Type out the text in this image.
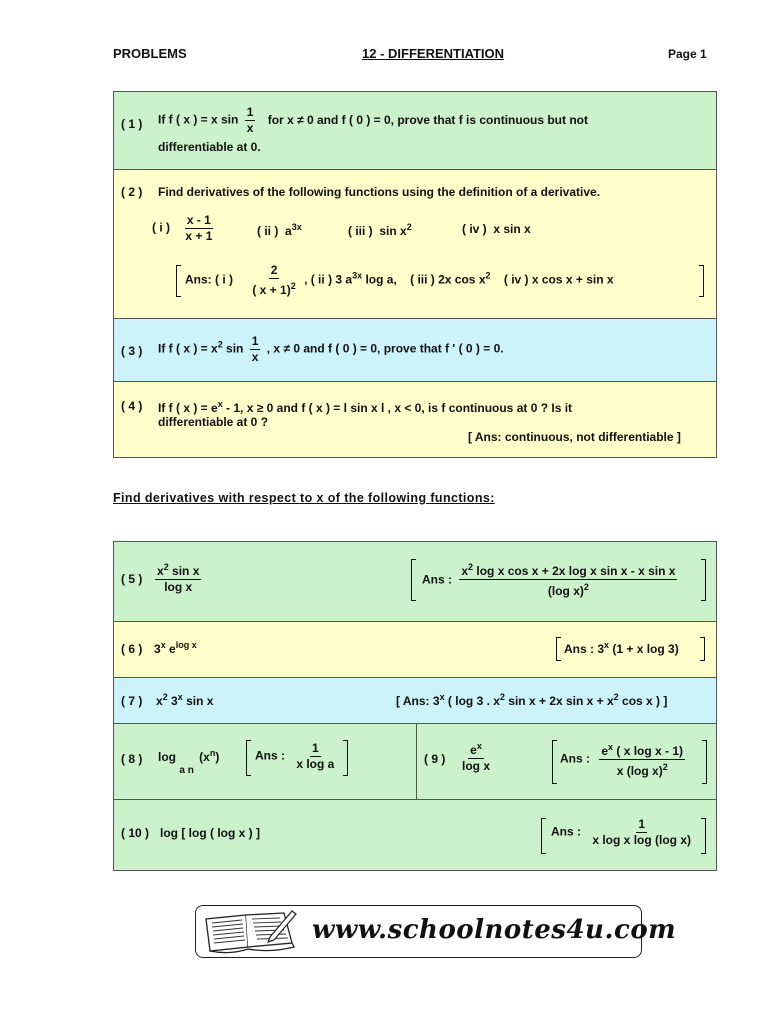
PROBLEMS	12 - DIFFERENTIATION	Page 1
( 1 ) If f ( x ) = x $\sin \frac{1}{x}$ for x ≠ 0 and f ( 0 ) = 0, prove that f is continuous but not
differentiable at 0.
( 2 ) Find derivatives of the following functions using the definition of a derivative.
( i ) $\frac{x - 1}{x + 1}$	( ii ) $a^{3x}$	( iii ) $\sin x^2$	( iv ) x sin x
Ans: ( i ) $\frac{2}{( x + 1)^2}$ , ( ii ) 3 $a^{3x}$ log a, ( iii ) 2x $\cos x^2$ ( iv ) x cos x + sin x
( 3 ) If f ( x ) = $x^2$ $\sin \frac{1}{x}$ , x ≠ 0 and f ( 0 ) = 0, prove that f ' ( 0 ) = 0.
( 4 ) If f ( x ) = $e^x - 1$, x ≥ 0 and f ( x ) = l sin x l , x < 0, is f continuous at 0 ? Is it
differentiable at 0 ?
[ Ans: continuous, not differentiable ]
Find derivatives with respect to x of the following functions:
( 5 ) $\frac{x^2 \sin x}{\text{log x}}$	Ans : $\frac{x^2 \log x \cos x + 2x \log x \sin x - x \sin x}{(\log x)^2}$
( 6 ) 3$^x$ $e^{log x}$	Ans : 3$^x$ (1 + x log 3)
( 7 ) $x^2$ 3$^x$ sin x	[ Ans: 3$^x$ ( log 3 . $x^2$ sin x + 2x $\sin x + x^2$ cos x ) ]
( 8 ) log $_{a n}$ $(x^n)$	Ans : $\frac{1}{\text{x log a}}$	( 9 ) $\frac{e^x}{\text{log x}}$	Ans : $\frac{e^x ( x \log x - 1)}{x (\log x)^2}$
( 10 ) log [ log ( log x ) ]	Ans : $\frac{1}{\text{x log x log (log x)}}$
www.schoolnotes4u.com
